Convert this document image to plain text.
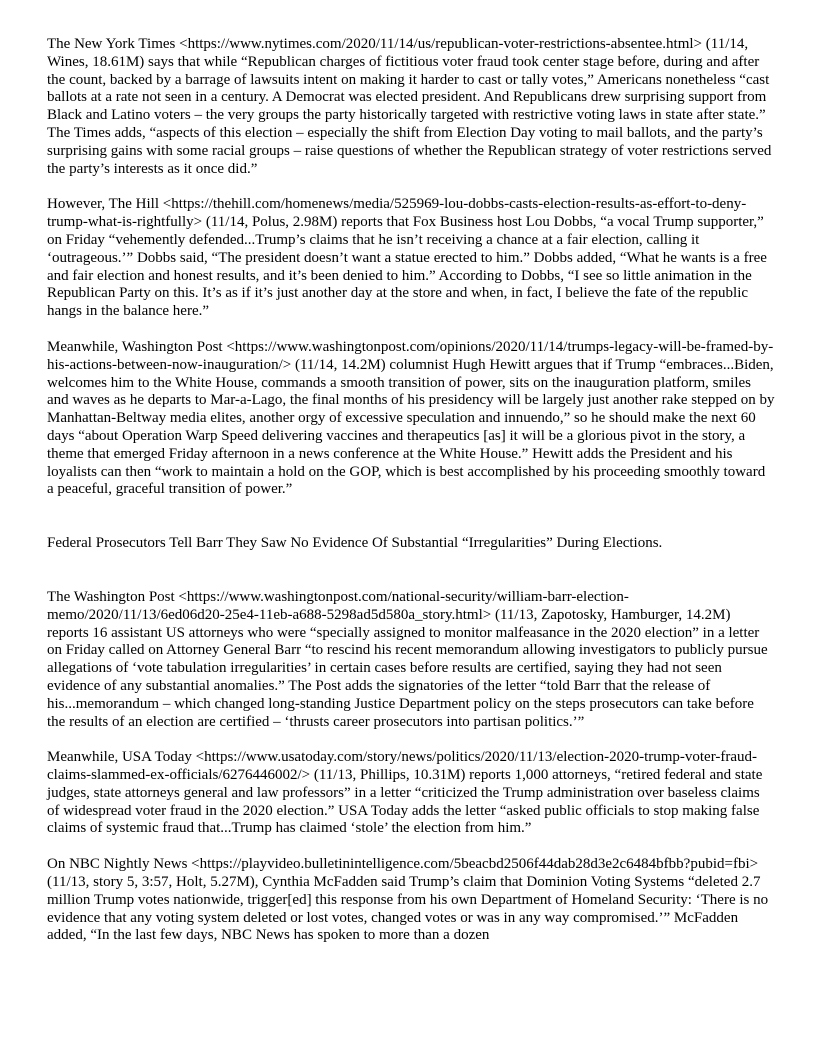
The New York Times <https://www.nytimes.com/2020/11/14/us/republican-voter-restrictions-absentee.html> (11/14, Wines, 18.61M) says that while “Republican charges of fictitious voter fraud took center stage before, during and after the count, backed by a barrage of lawsuits intent on making it harder to cast or tally votes,” Americans nonetheless “cast ballots at a rate not seen in a century. A Democrat was elected president. And Republicans drew surprising support from Black and Latino voters – the very groups the party historically targeted with restrictive voting laws in state after state.” The Times adds, “aspects of this election – especially the shift from Election Day voting to mail ballots, and the party’s surprising gains with some racial groups – raise questions of whether the Republican strategy of voter restrictions served the party’s interests as it once did.”

However, The Hill <https://thehill.com/homenews/media/525969-lou-dobbs-casts-election-results-as-effort-to-deny-trump-what-is-rightfully> (11/14, Polus, 2.98M) reports that Fox Business host Lou Dobbs, “a vocal Trump supporter,” on Friday “vehemently defended...Trump’s claims that he isn’t receiving a chance at a fair election, calling it ‘outrageous.’” Dobbs said, “The president doesn’t want a statue erected to him.” Dobbs added, “What he wants is a free and fair election and honest results, and it’s been denied to him.” According to Dobbs, “I see so little animation in the Republican Party on this. It’s as if it’s just another day at the store and when, in fact, I believe the fate of the republic hangs in the balance here.”

Meanwhile, Washington Post <https://www.washingtonpost.com/opinions/2020/11/14/trumps-legacy-will-be-framed-by-his-actions-between-now-inauguration/> (11/14, 14.2M) columnist Hugh Hewitt argues that if Trump “embraces...Biden, welcomes him to the White House, commands a smooth transition of power, sits on the inauguration platform, smiles and waves as he departs to Mar-a-Lago, the final months of his presidency will be largely just another rake stepped on by Manhattan-Beltway media elites, another orgy of excessive speculation and innuendo,” so he should make the next 60 days “about Operation Warp Speed delivering vaccines and therapeutics [as] it will be a glorious pivot in the story, a theme that emerged Friday afternoon in a news conference at the White House.” Hewitt adds the President and his loyalists can then “work to maintain a hold on the GOP, which is best accomplished by his proceeding smoothly toward a peaceful, graceful transition of power.”

Federal Prosecutors Tell Barr They Saw No Evidence Of Substantial “Irregularities” During Elections.

The Washington Post <https://www.washingtonpost.com/national-security/william-barr-election-memo/2020/11/13/6ed06d20-25e4-11eb-a688-5298ad5d580a_story.html> (11/13, Zapotosky, Hamburger, 14.2M) reports 16 assistant US attorneys who were “specially assigned to monitor malfeasance in the 2020 election” in a letter on Friday called on Attorney General Barr “to rescind his recent memorandum allowing investigators to publicly pursue allegations of ‘vote tabulation irregularities’ in certain cases before results are certified, saying they had not seen evidence of any substantial anomalies.” The Post adds the signatories of the letter “told Barr that the release of his...memorandum – which changed long-standing Justice Department policy on the steps prosecutors can take before the results of an election are certified – ‘thrusts career prosecutors into partisan politics.’”

Meanwhile, USA Today <https://www.usatoday.com/story/news/politics/2020/11/13/election-2020-trump-voter-fraud-claims-slammed-ex-officials/6276446002/> (11/13, Phillips, 10.31M) reports 1,000 attorneys, “retired federal and state judges, state attorneys general and law professors” in a letter “criticized the Trump administration over baseless claims of widespread voter fraud in the 2020 election.” USA Today adds the letter “asked public officials to stop making false claims of systemic fraud that...Trump has claimed ‘stole’ the election from him.”

On NBC Nightly News <https://playvideo.bulletinintelligence.com/5beacbd2506f44dab28d3e2c6484bfbb?pubid=fbi> (11/13, story 5, 3:57, Holt, 5.27M), Cynthia McFadden said Trump’s claim that Dominion Voting Systems “deleted 2.7 million Trump votes nationwide, trigger[ed] this response from his own Department of Homeland Security: ‘There is no evidence that any voting system deleted or lost votes, changed votes or was in any way compromised.’” McFadden added, “In the last few days, NBC News has spoken to more than a dozen
